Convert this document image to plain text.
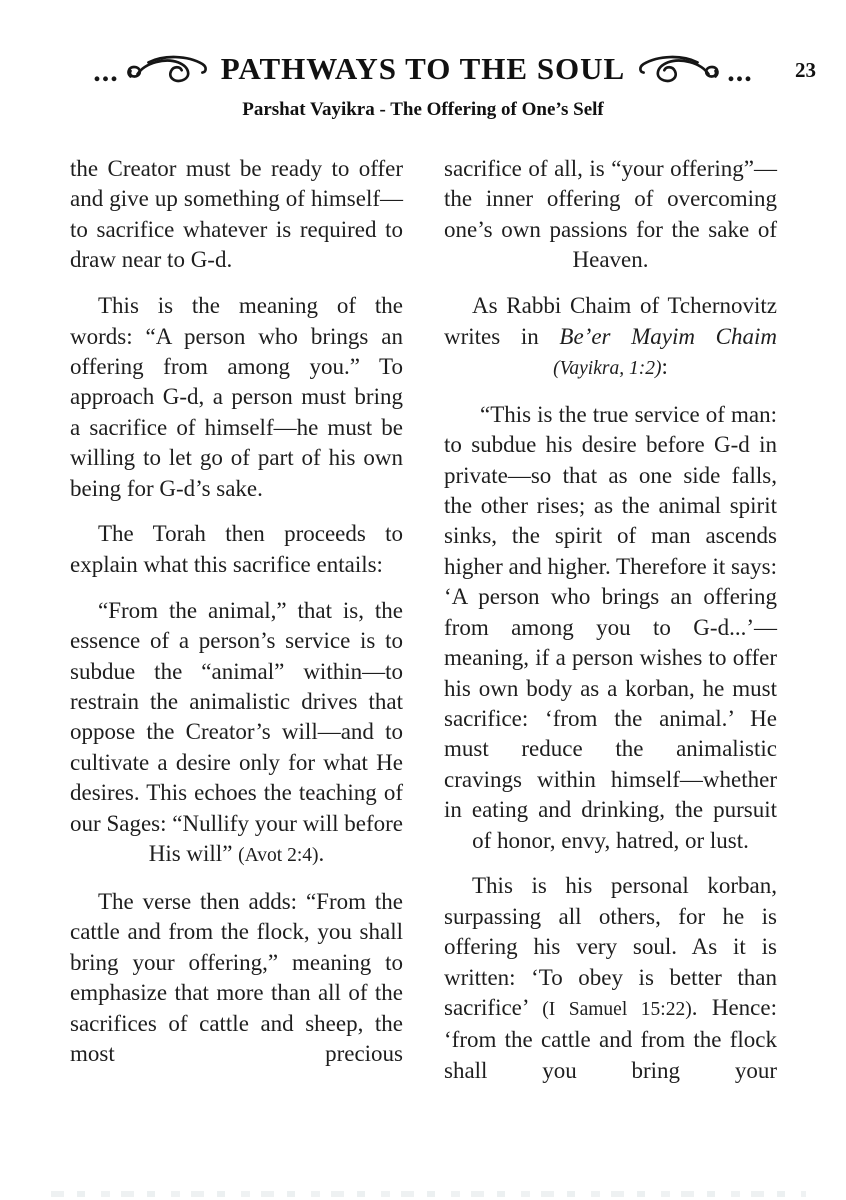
...	PATHWAYS TO THE SOUL	... 23
Parshat Vayikra - The Offering of One’s Self

the Creator must be ready to offer and give up something of himself—to sacrifice whatever is required to draw near to G-d.

This is the meaning of the words: “A person who brings an offering from among you.” To approach G-d, a person must bring a sacrifice of himself—he must be willing to let go of part of his own being for G-d’s sake.

The Torah then proceeds to explain what this sacrifice entails:

“From the animal,” that is, the essence of a person’s service is to subdue the “animal” within—to restrain the animalistic drives that oppose the Creator’s will—and to cultivate a desire only for what He desires. This echoes the teaching of our Sages: “Nullify your will before His will” (Avot 2:4).

The verse then adds: “From the cattle and from the flock, you shall bring your offering,” meaning to emphasize that more than all of the sacrifices of cattle and sheep, the most precious

sacrifice of all, is “your offering”—the inner offering of overcoming one’s own passions for the sake of Heaven.

As Rabbi Chaim of Tchernovitz writes in Be’er Mayim Chaim (Vayikra, 1:2):

“This is the true service of man: to subdue his desire before G-d in private—so that as one side falls, the other rises; as the animal spirit sinks, the spirit of man ascends higher and higher. Therefore it says: ‘A person who brings an offering from among you to G-d...’—meaning, if a person wishes to offer his own body as a korban, he must sacrifice: ‘from the animal.’ He must reduce the animalistic cravings within himself—whether in eating and drinking, the pursuit of honor, envy, hatred, or lust.

This is his personal korban, surpassing all others, for he is offering his very soul. As it is written: ‘To obey is better than sacrifice’ (I Samuel 15:22). Hence: ‘from the cattle and from the flock shall you bring your
